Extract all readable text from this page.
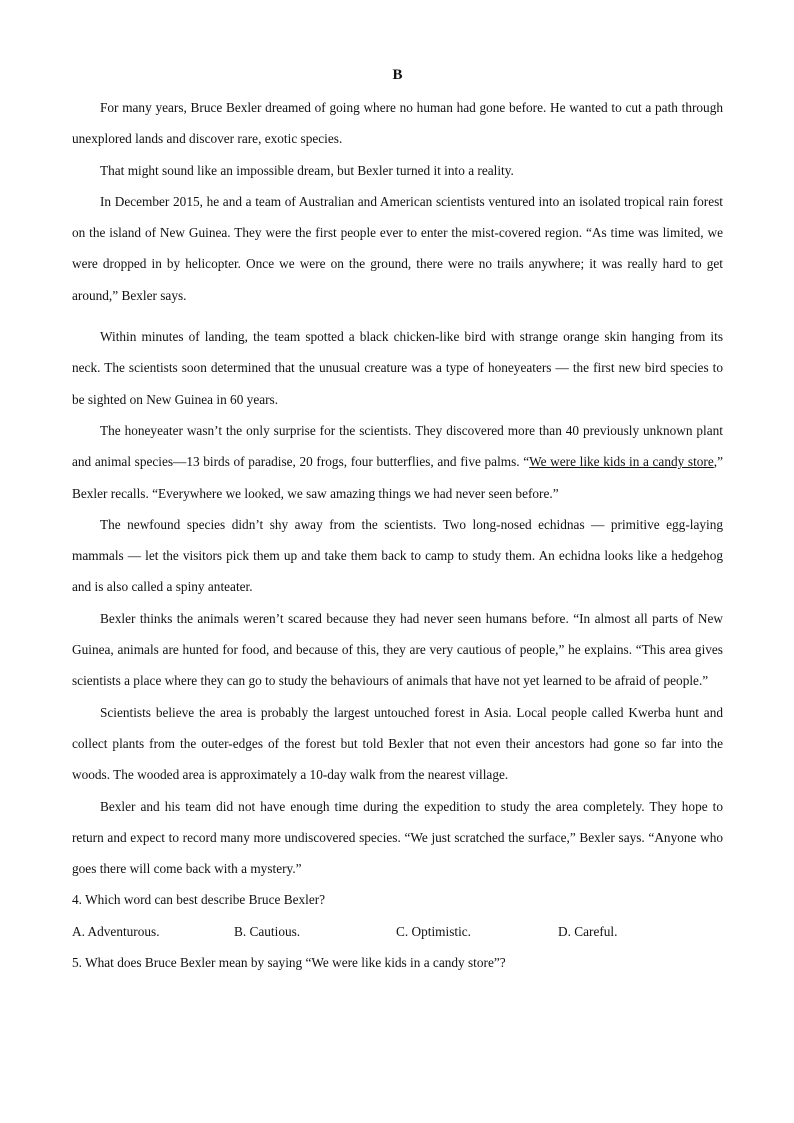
B

For many years, Bruce Bexler dreamed of going where no human had gone before. He wanted to cut a path through unexplored lands and discover rare, exotic species.

That might sound like an impossible dream, but Bexler turned it into a reality.

In December 2015, he and a team of Australian and American scientists ventured into an isolated tropical rain forest on the island of New Guinea. They were the first people ever to enter the mist-covered region. “As time was limited, we were dropped in by helicopter. Once we were on the ground, there were no trails anywhere; it was really hard to get around,” Bexler says.

Within minutes of landing, the team spotted a black chicken-like bird with strange orange skin hanging from its neck. The scientists soon determined that the unusual creature was a type of honeyeaters — the first new bird species to be sighted on New Guinea in 60 years.

The honeyeater wasn’t the only surprise for the scientists. They discovered more than 40 previously unknown plant and animal species—13 birds of paradise, 20 frogs, four butterflies, and five palms. “We were like kids in a candy store,” Bexler recalls. “Everywhere we looked, we saw amazing things we had never seen before.”

The newfound species didn’t shy away from the scientists. Two long-nosed echidnas — primitive egg-laying mammals — let the visitors pick them up and take them back to camp to study them. An echidna looks like a hedgehog and is also called a spiny anteater.

Bexler thinks the animals weren’t scared because they had never seen humans before. “In almost all parts of New Guinea, animals are hunted for food, and because of this, they are very cautious of people,” he explains. “This area gives scientists a place where they can go to study the behaviours of animals that have not yet learned to be afraid of people.”

Scientists believe the area is probably the largest untouched forest in Asia. Local people called Kwerba hunt and collect plants from the outer-edges of the forest but told Bexler that not even their ancestors had gone so far into the woods. The wooded area is approximately a 10-day walk from the nearest village.

Bexler and his team did not have enough time during the expedition to study the area completely. They hope to return and expect to record many more undiscovered species. “We just scratched the surface,” Bexler says. “Anyone who goes there will come back with a mystery.”

4. Which word can best describe Bruce Bexler?

A. Adventurous.	B. Cautious.	C. Optimistic.	D. Careful.

5. What does Bruce Bexler mean by saying “We were like kids in a candy store”?
